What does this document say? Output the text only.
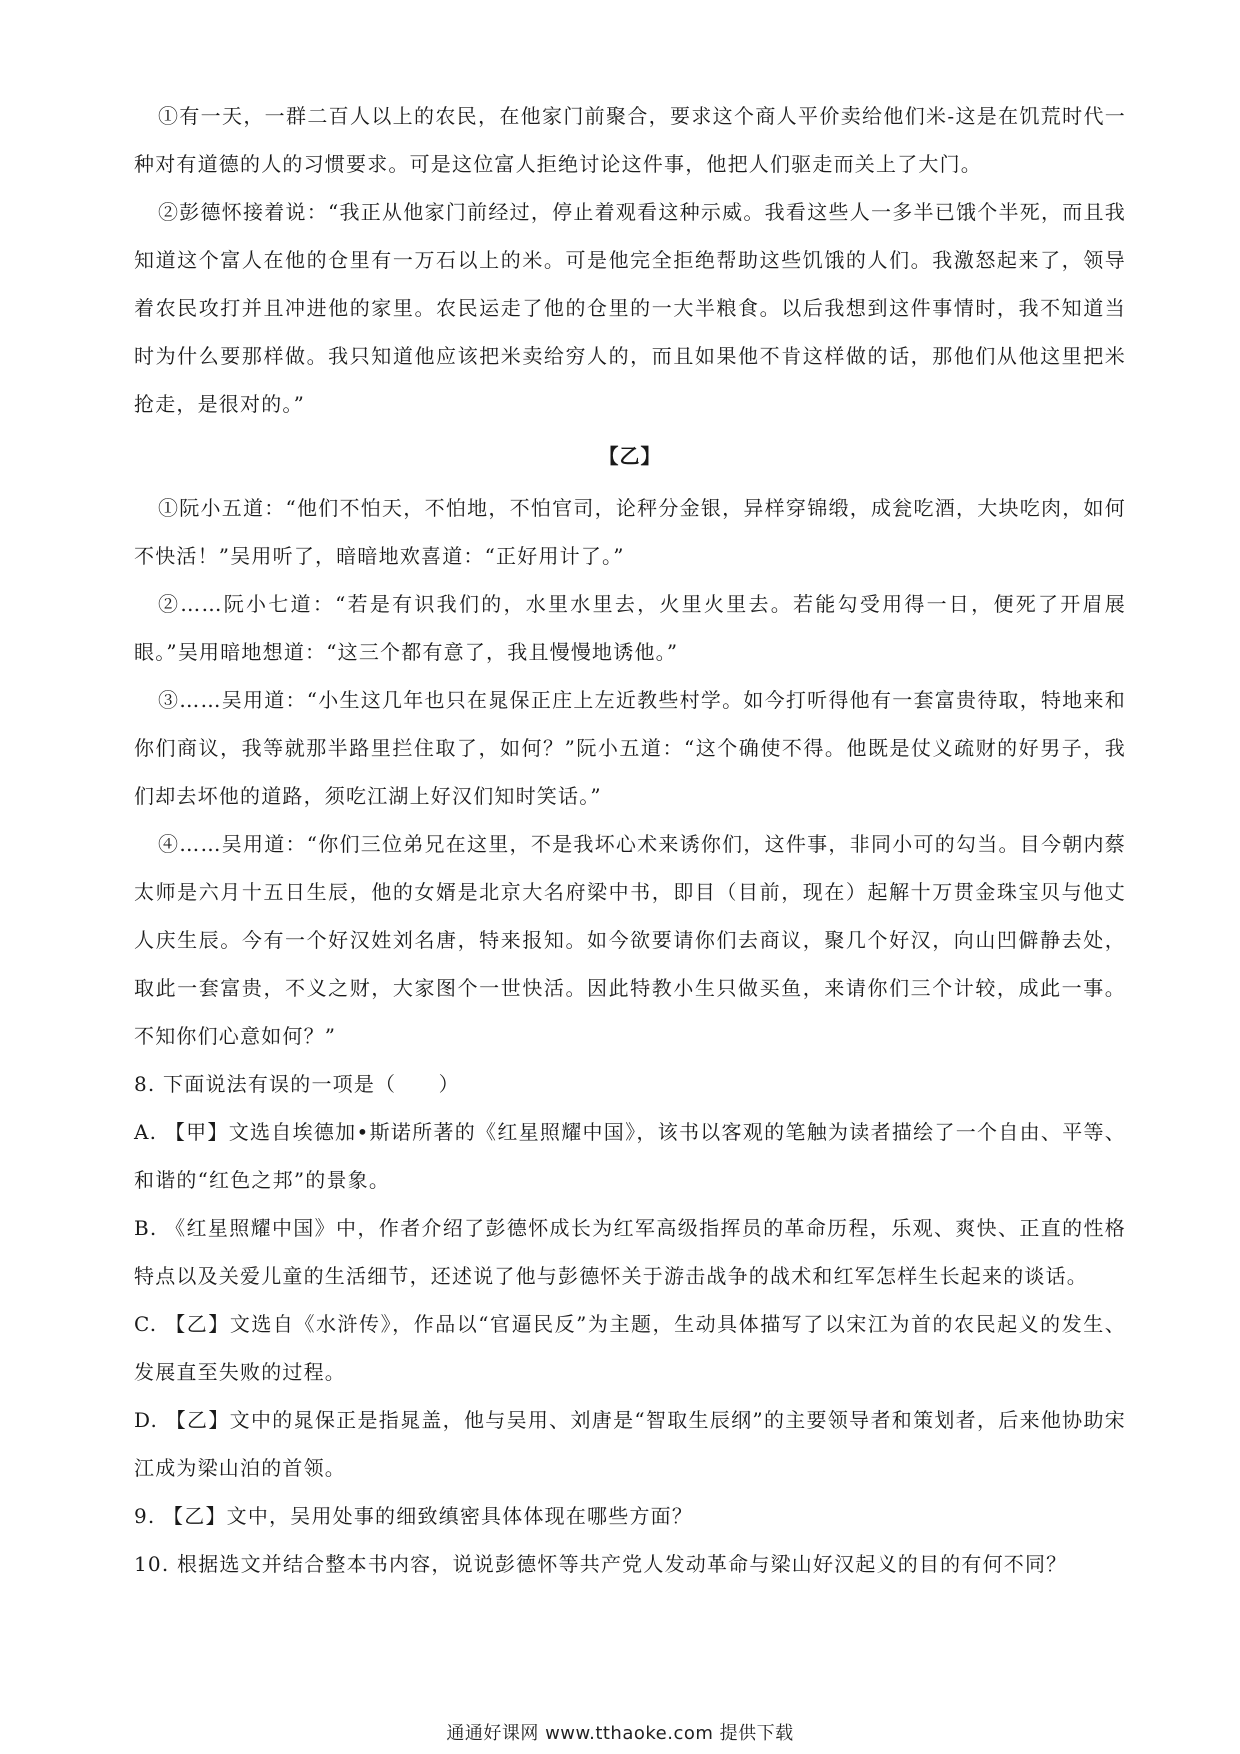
①有一天，一群二百人以上的农民，在他家门前聚合，要求这个商人平价卖给他们米-这是在饥荒时代一种对有道德的人的习惯要求。可是这位富人拒绝讨论这件事，他把人们驱走而关上了大门。

②彭德怀接着说：“我正从他家门前经过，停止着观看这种示威。我看这些人一多半已饿个半死，而且我知道这个富人在他的仓里有一万石以上的米。可是他完全拒绝帮助这些饥饿的人们。我激怒起来了，领导着农民攻打并且冲进他的家里。农民运走了他的仓里的一大半粮食。以后我想到这件事情时，我不知道当时为什么要那样做。我只知道他应该把米卖给穷人的，而且如果他不肯这样做的话，那他们从他这里把米抢走，是很对的。”

【乙】

①阮小五道：“他们不怕天，不怕地，不怕官司，论秤分金银，异样穿锦缎，成瓮吃酒，大块吃肉，如何不快活！”吴用听了，暗暗地欢喜道：“正好用计了。”

②……阮小七道：“若是有识我们的，水里水里去，火里火里去。若能勾受用得一日，便死了开眉展眼。”吴用暗地想道：“这三个都有意了，我且慢慢地诱他。”

③……吴用道：“小生这几年也只在晁保正庄上左近教些村学。如今打听得他有一套富贵待取，特地来和你们商议，我等就那半路里拦住取了，如何？”阮小五道：“这个确使不得。他既是仗义疏财的好男子，我们却去坏他的道路，须吃江湖上好汉们知时笑话。”

④……吴用道：“你们三位弟兄在这里，不是我坏心术来诱你们，这件事，非同小可的勾当。目今朝内蔡太师是六月十五日生辰，他的女婿是北京大名府梁中书，即目（目前，现在）起解十万贯金珠宝贝与他丈人庆生辰。今有一个好汉姓刘名唐，特来报知。如今欲要请你们去商议，聚几个好汉，向山凹僻静去处，取此一套富贵，不义之财，大家图个一世快活。因此特教小生只做买鱼，来请你们三个计较，成此一事。不知你们心意如何？”

8. 下面说法有误的一项是（　　）

A. 【甲】文选自埃德加•斯诺所著的《红星照耀中国》，该书以客观的笔触为读者描绘了一个自由、平等、和谐的“红色之邦”的景象。

B. 《红星照耀中国》中，作者介绍了彭德怀成长为红军高级指挥员的革命历程，乐观、爽快、正直的性格特点以及关爱儿童的生活细节，还述说了他与彭德怀关于游击战争的战术和红军怎样生长起来的谈话。

C. 【乙】文选自《水浒传》，作品以“官逼民反”为主题，生动具体描写了以宋江为首的农民起义的发生、发展直至失败的过程。

D. 【乙】文中的晁保正是指晁盖，他与吴用、刘唐是“智取生辰纲”的主要领导者和策划者，后来他协助宋江成为梁山泊的首领。

9. 【乙】文中，吴用处事的细致缜密具体体现在哪些方面？

10. 根据选文并结合整本书内容，说说彭德怀等共产党人发动革命与梁山好汉起义的目的有何不同？

通通好课网 www.tthaoke.com 提供下载
